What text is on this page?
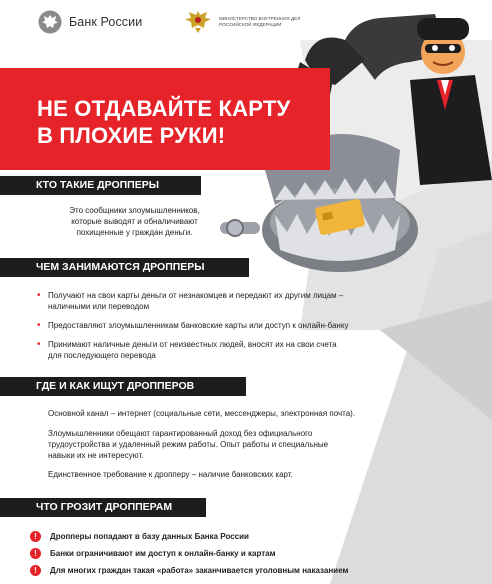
Банк России	МИНИСТЕРСТВО ВНУТРЕННИХ ДЕЛ РОССИЙСКОЙ ФЕДЕРАЦИИ
НЕ ОТДАВАЙТЕ КАРТУ
В ПЛОХИЕ РУКИ!
КТО ТАКИЕ ДРОППЕРЫ
Это сообщники злоумышленников,
которые выводят и обналичивают
похищенные у граждан деньги.
ЧЕМ ЗАНИМАЮТСЯ ДРОППЕРЫ
• Получают на свои карты деньги от незнакомцев и передают их другим лицам –
наличными или переводом
• Предоставляют злоумышленникам банковские карты или доступ к онлайн-банку
• Принимают наличные деньги от неизвестных людей, вносят их на свои счета
для последующего перевода
ГДЕ И КАК ИЩУТ ДРОППЕРОВ
Основной канал – интернет (социальные сети, мессенджеры, электронная почта).
Злоумышленники обещают гарантированный доход без официального
трудоустройства и удаленный режим работы. Опыт работы и специальные
навыки их не интересуют.
Единственное требование к дропперу – наличие банковских карт.
ЧТО ГРОЗИТ ДРОППЕРАМ
!	Дропперы попадают в базу данных Банка России
!	Банки ограничивают им доступ к онлайн-банку и картам
!	Для многих граждан такая «работа» заканчивается уголовным наказанием
